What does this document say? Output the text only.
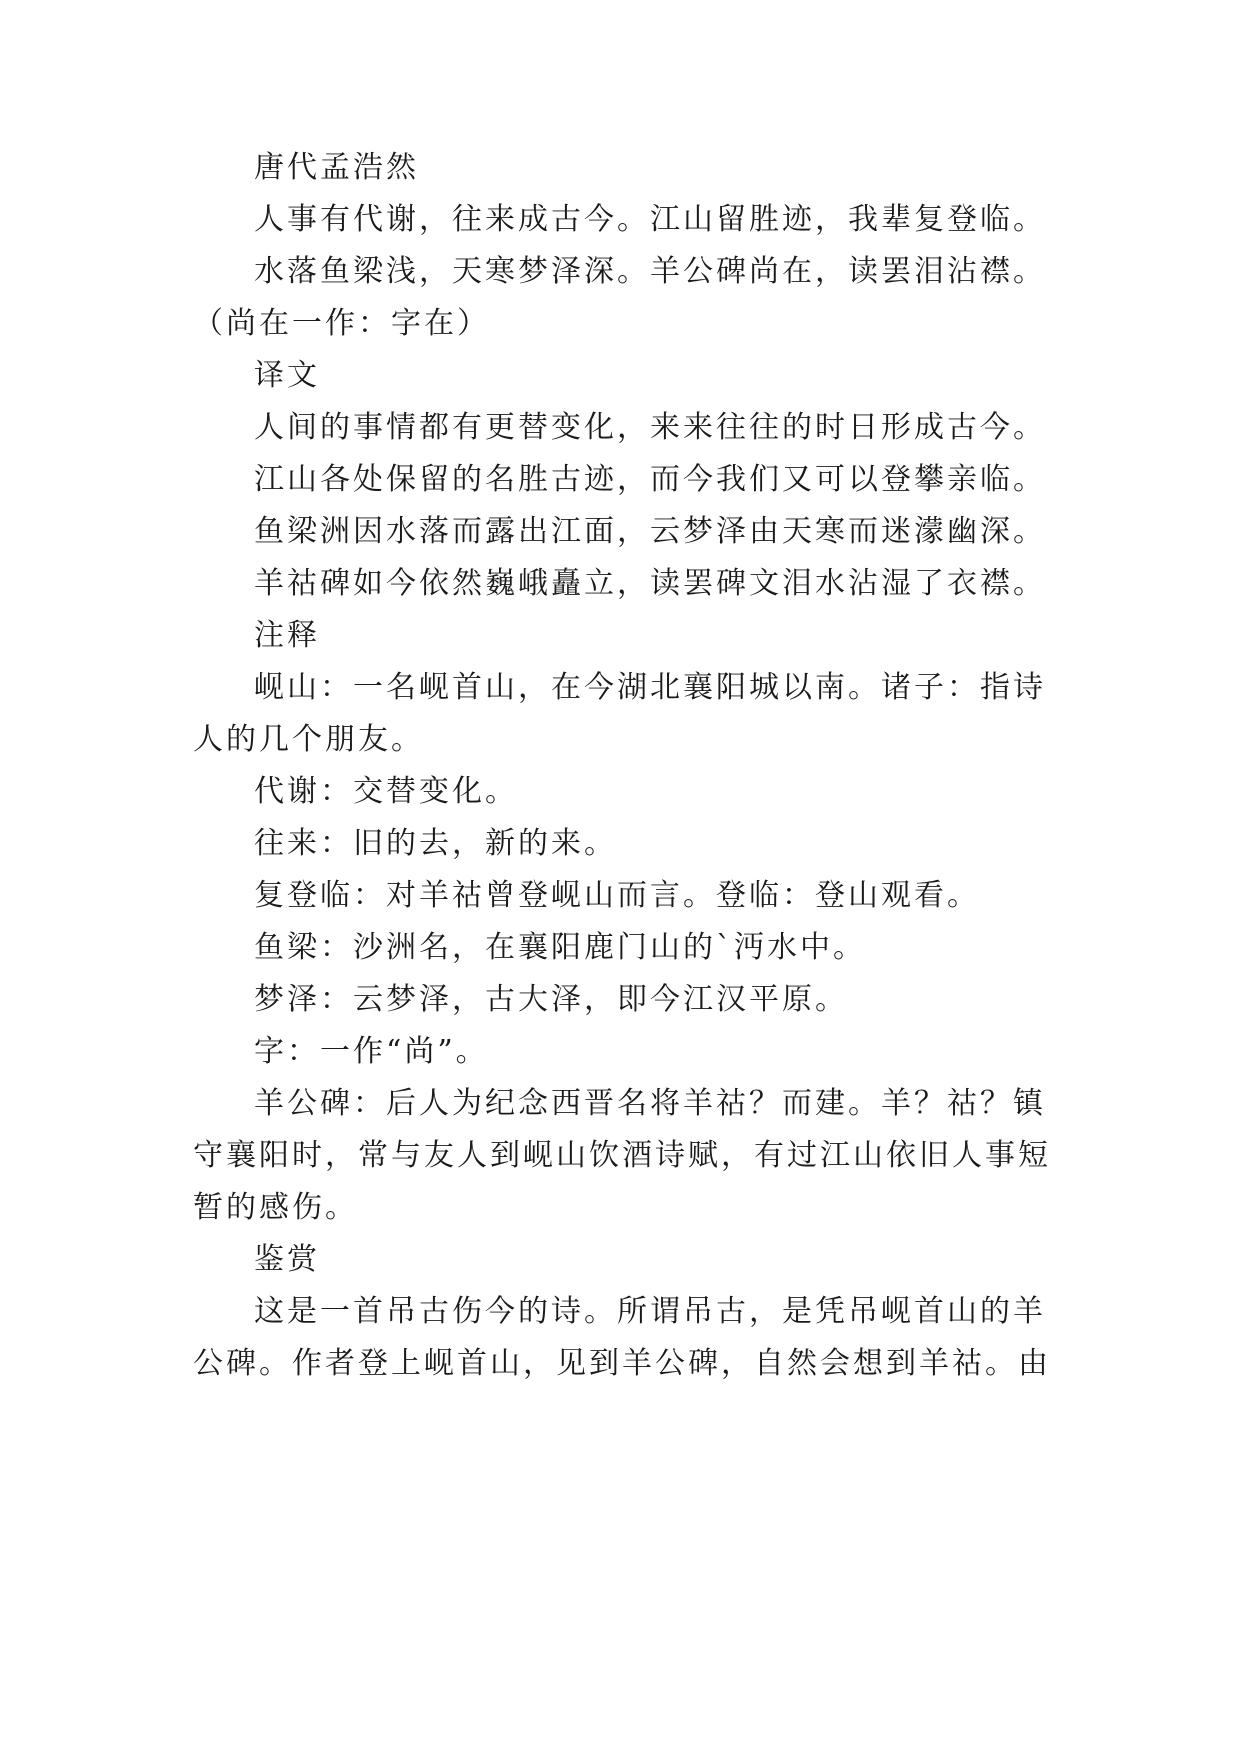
唐代孟浩然
人事有代谢，往来成古今。江山留胜迹，我辈复登临。
水落鱼梁浅，天寒梦泽深。羊公碑尚在，读罢泪沾襟。
（尚在一作：字在）
译文
人间的事情都有更替变化，来来往往的时日形成古今。
江山各处保留的名胜古迹，而今我们又可以登攀亲临。
鱼梁洲因水落而露出江面，云梦泽由天寒而迷濛幽深。
羊祜碑如今依然巍峨矗立，读罢碑文泪水沾湿了衣襟。
注释
岘山：一名岘首山，在今湖北襄阳城以南。诸子：指诗
人的几个朋友。
代谢：交替变化。
往来：旧的去，新的来。
复登临：对羊祜曾登岘山而言。登临：登山观看。
鱼梁：沙洲名，在襄阳鹿门山的`沔水中。
梦泽：云梦泽，古大泽，即今江汉平原。
字：一作“尚”。
羊公碑：后人为纪念西晋名将羊祜？而建。羊？祜？镇
守襄阳时，常与友人到岘山饮酒诗赋，有过江山依旧人事短
暂的感伤。
鉴赏
这是一首吊古伤今的诗。所谓吊古，是凭吊岘首山的羊
公碑。作者登上岘首山，见到羊公碑，自然会想到羊祜。由
